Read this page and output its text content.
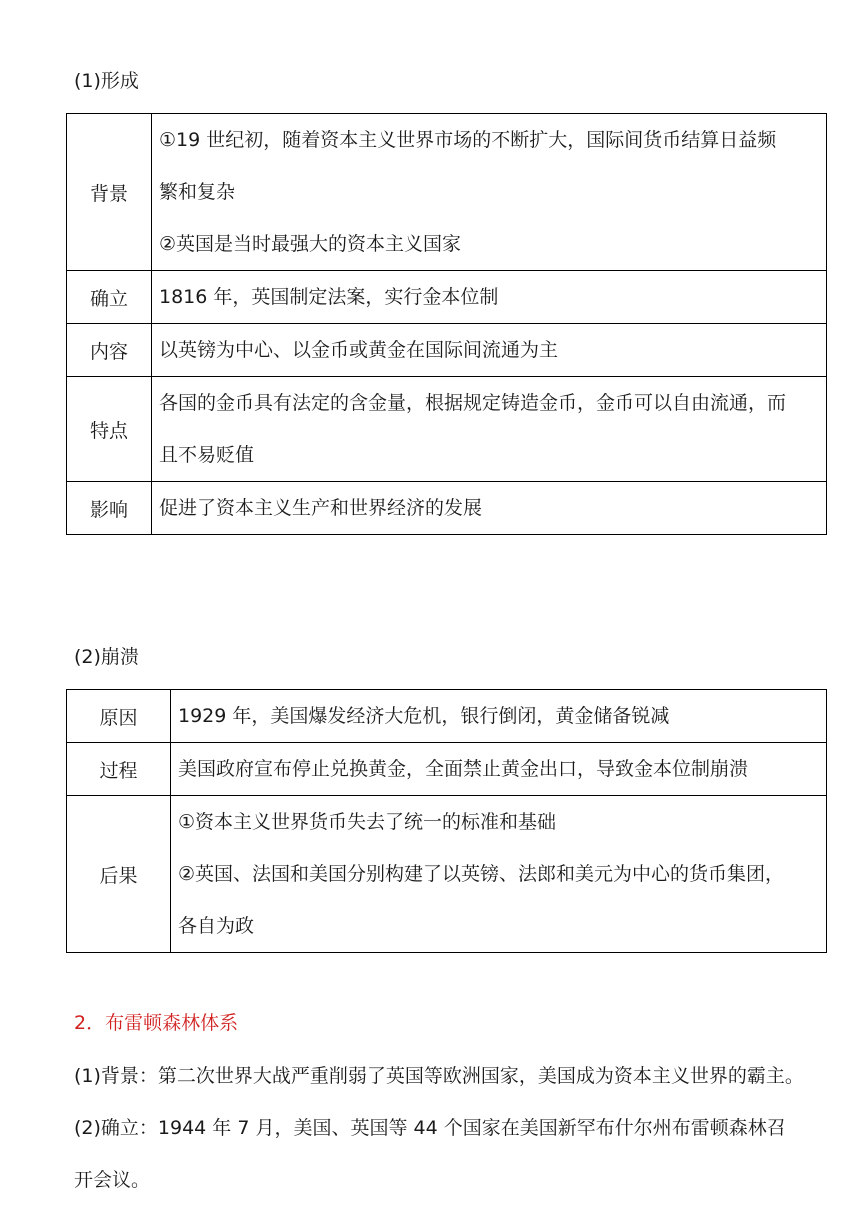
(1)形成
背景	①19 世纪初，随着资本主义世界市场的不断扩大，国际间货币结算日益频
繁和复杂
②英国是当时最强大的资本主义国家

确立	1816 年，英国制定法案，实行金本位制

内容	以英镑为中心、以金币或黄金在国际间流通为主

特点	各国的金币具有法定的含金量，根据规定铸造金币，金币可以自由流通，而
且不易贬值

影响	促进了资本主义生产和世界经济的发展
(2)崩溃
原因	1929 年，美国爆发经济大危机，银行倒闭，黄金储备锐减

过程	美国政府宣布停止兑换黄金，全面禁止黄金出口，导致金本位制崩溃

后果	①资本主义世界货币失去了统一的标准和基础
②英国、法国和美国分别构建了以英镑、法郎和美元为中心的货币集团，
各自为政
2．布雷顿森林体系
(1)背景：第二次世界大战严重削弱了英国等欧洲国家，美国成为资本主义世界的霸主。
(2)确立：1944 年 7 月，美国、英国等 44 个国家在美国新罕布什尔州布雷顿森林召
开会议。
